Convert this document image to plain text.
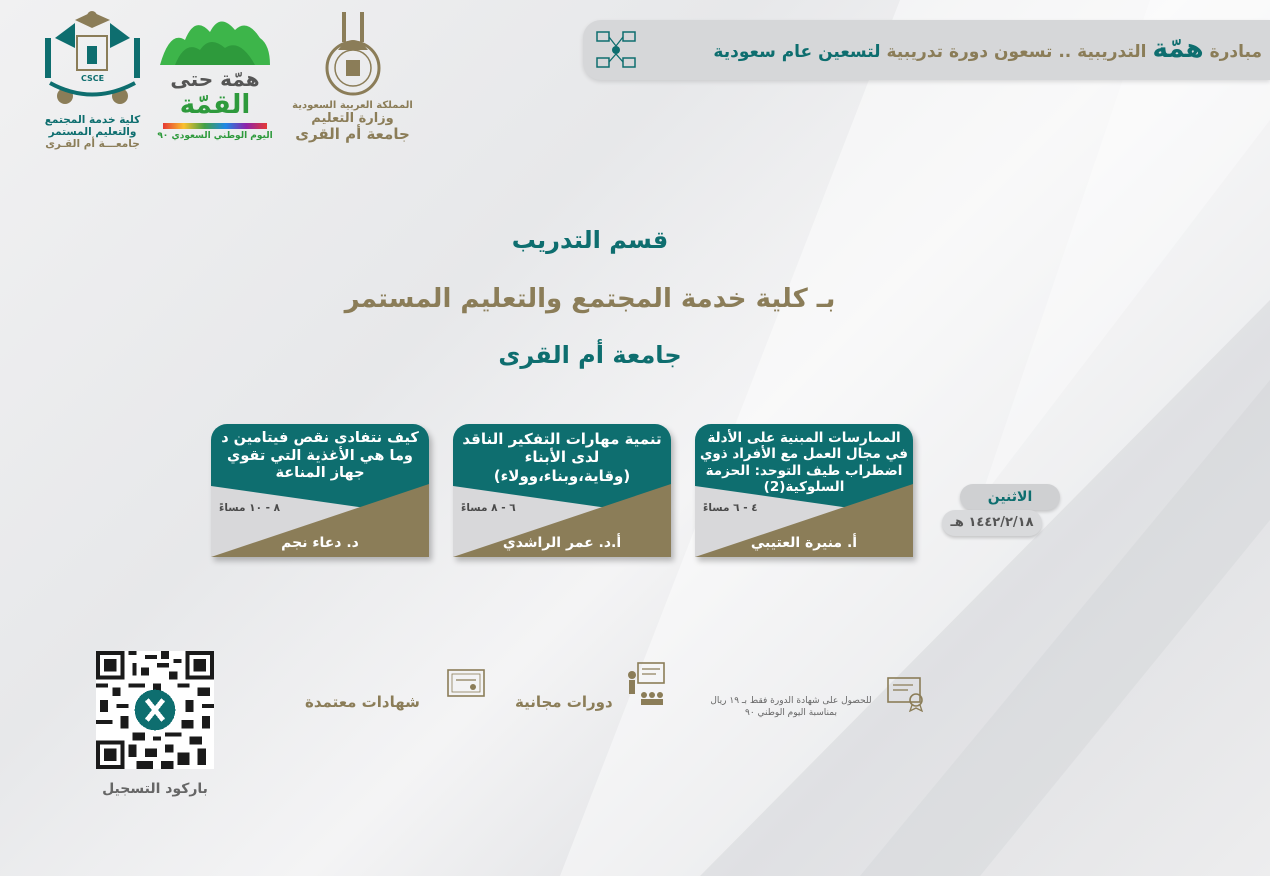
مبادرة همّة التدريبية .. تسعون دورة تدريبية لتسعين عام سعودية
المملكة العربية السعودية
وزارة التعليم
جامعة أم القرى
همّة حتى
القمّة
اليوم الوطني السعودي ٩٠
CSCE
كلية خدمة المجتمع
والتعليم المستمر
جامعـــة أم القـرى
قسم التدريب
بـ كلية خدمة المجتمع والتعليم المستمر
جامعة أم القرى
الممارسات المبنية على الأدلة في مجال العمل مع الأفراد ذوي اضطراب طيف التوحد: الحزمة السلوكية(2)
٤ - ٦ مساءً
أ. منيرة العتيبي
تنمية مهارات التفكير الناقد لدى الأبناء (وقاية،وبناء،وولاء)
٦ - ٨ مساءً
أ.د. عمر الراشدي
كيف نتفادى نقص فيتامين د وما هي الأغذية التي تقوي جهاز المناعة
٨ - ١٠ مساءً
د. دعاء نجم
الاثنين
١٤٤٢/٢/١٨ هـ
للحصول على شهادة الدورة فقط بـ ١٩ ريال بمناسبة اليوم الوطني ٩٠
دورات مجانية
شهادات معتمدة
باركود التسجيل
